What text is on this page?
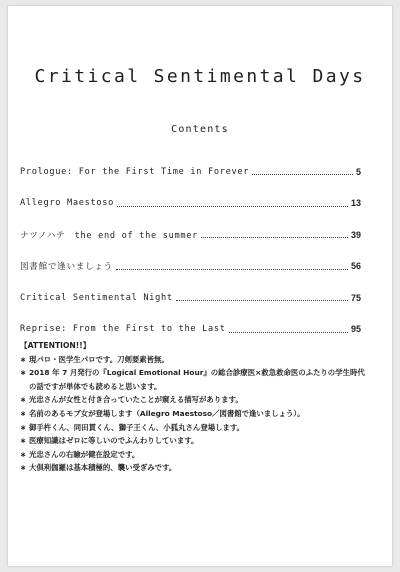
Critical Sentimental Days
Contents
Prologue: For the First Time in Forever	5
Allegro Maestoso	13
ナツノハテ　the end of the summer	39
図書館で逢いましょう	56
Critical Sentimental Night	75
Reprise: From the First to the Last	95

【ATTENTION!!】

∗ 現パロ・医学生パロです。刀剣要素皆無。
∗ 2018 年 7 月発行の『Logical Emotional Hour』の総合診療医×救急救命医のふたりの学生時代の話ですが単体でも読めると思います。
∗ 光忠さんが女性と付き合っていたことが窺える描写があります。
∗ 名前のあるモブ女が登場します（Allegro Maestoso／図書館で逢いましょう）。
∗ 御手杵くん、同田貫くん、獅子王くん、小狐丸さん登場します。
∗ 医療知識はゼロに等しいのでふんわりしています。
∗ 光忠さんの右瞼が健在設定です。
∗ 大倶利伽羅は基本積極的、襲い受ぎみです。
